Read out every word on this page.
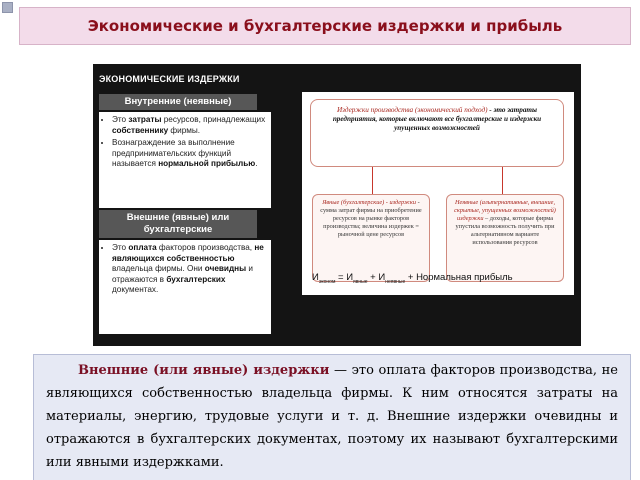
Экономические и бухгалтерские издержки и прибыль
ЭКОНОМИЧЕСКИЕ ИЗДЕРЖКИ
Внутренние (неявные)
• Это затраты ресурсов, принадлежащих собственнику фирмы.
• Вознаграждение за выполнение предпринимательских функций называется нормальной прибылью.
Внешние (явные) или бухгалтерские
• Это оплата факторов производства, не являющихся собственностью владельца фирмы. Они очевидны и отражаются в бухгалтерских документах.
Издержки производства (экономический подход) - это затраты предприятия, которые включают все бухгалтерские и издержки упущенных возможностей
Явные (бухгалтерские) - издержки - сумма затрат фирмы на приобретение ресурсов на рынке факторов производства; величина издержек = рыночной цене ресурсов
Неявные (альтернативные, внешние, скрытые, упущенных возможностей) издержки – доходы, которые фирма упустила возможность получить при альтернативном варианте использования ресурсов
$И_{эконом} = И_{явные} + И_{неявные}$ + Нормальная прибыль

Внешние (или явные) издержки — это оплата факторов производства, не являющихся собственностью владельца фирмы. К ним относятся затраты на материалы, энергию, трудовые услуги и т. д. Внешние издержки очевидны и отражаются в бухгалтерских документах, поэтому их называют бухгалтерскими или явными издержками.
